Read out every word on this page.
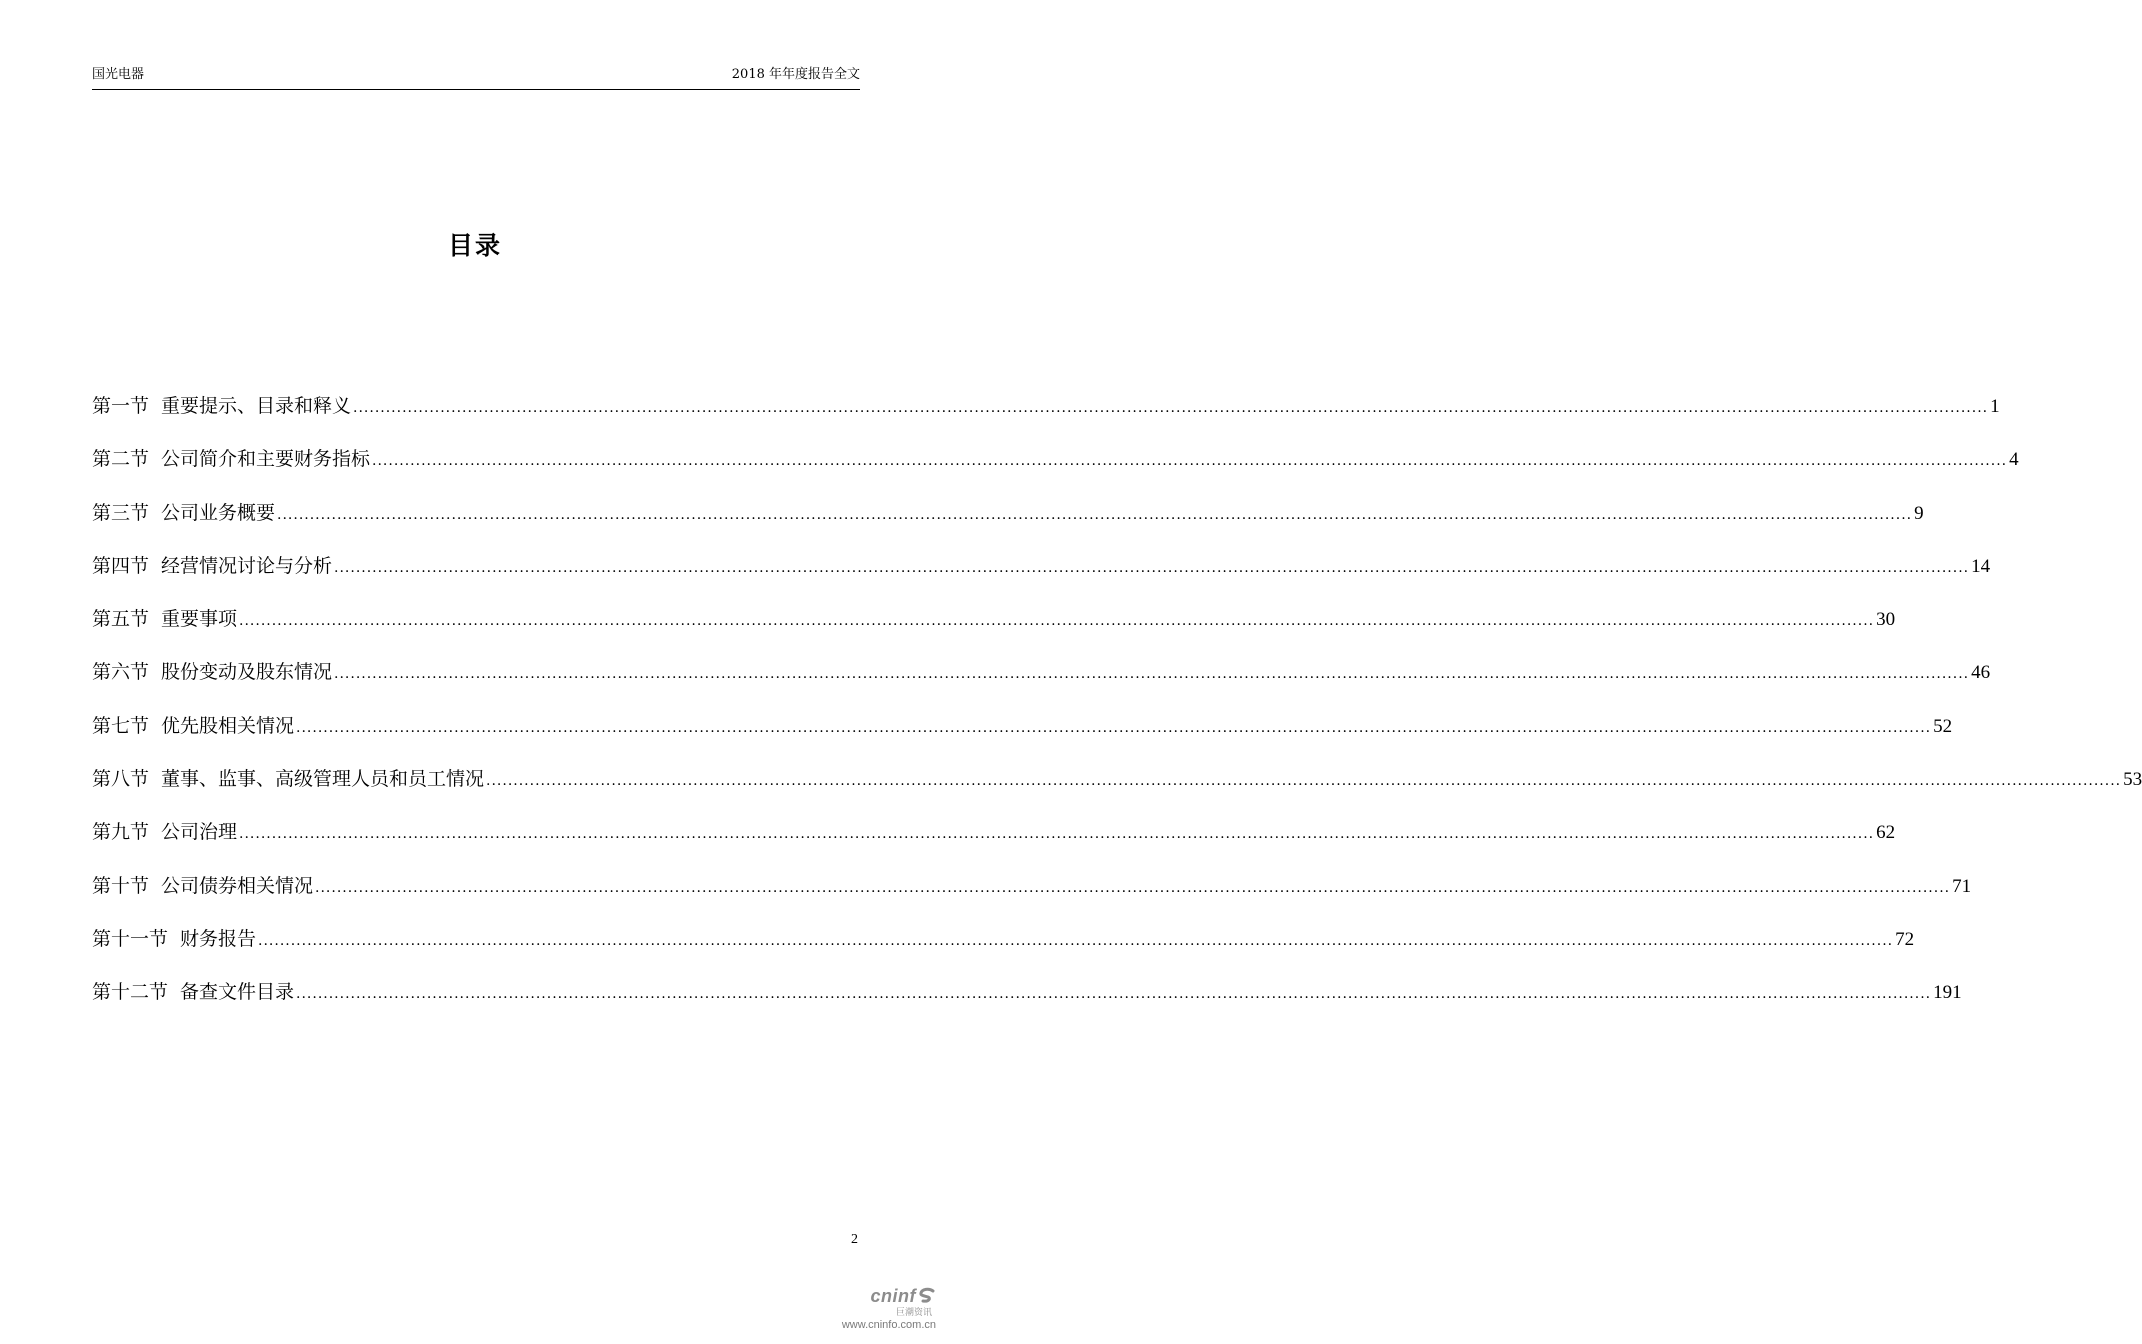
国光电器	2018 年年度报告全文
目录
第一节 重要提示、目录和释义 ............................................................................................................................................................................................................................................................................................................ 1
第二节 公司简介和主要财务指标 ............................................................................................................................................................................................................................................................................................................ 4
第三节 公司业务概要 ............................................................................................................................................................................................................................................................................................................ 9
第四节 经营情况讨论与分析 ............................................................................................................................................................................................................................................................................................................ 14
第五节 重要事项 ............................................................................................................................................................................................................................................................................................................ 30
第六节 股份变动及股东情况 ............................................................................................................................................................................................................................................................................................................ 46
第七节 优先股相关情况 ............................................................................................................................................................................................................................................................................................................ 52
第八节 董事、监事、高级管理人员和员工情况 ............................................................................................................................................................................................................................................................................................................ 53
第九节 公司治理 ............................................................................................................................................................................................................................................................................................................ 62
第十节 公司债券相关情况 ............................................................................................................................................................................................................................................................................................................ 71
第十一节 财务报告 ............................................................................................................................................................................................................................................................................................................ 72
第十二节 备查文件目录 ............................................................................................................................................................................................................................................................................................................ 191
2
cninf
巨潮资讯
www.cninfo.com.cn
